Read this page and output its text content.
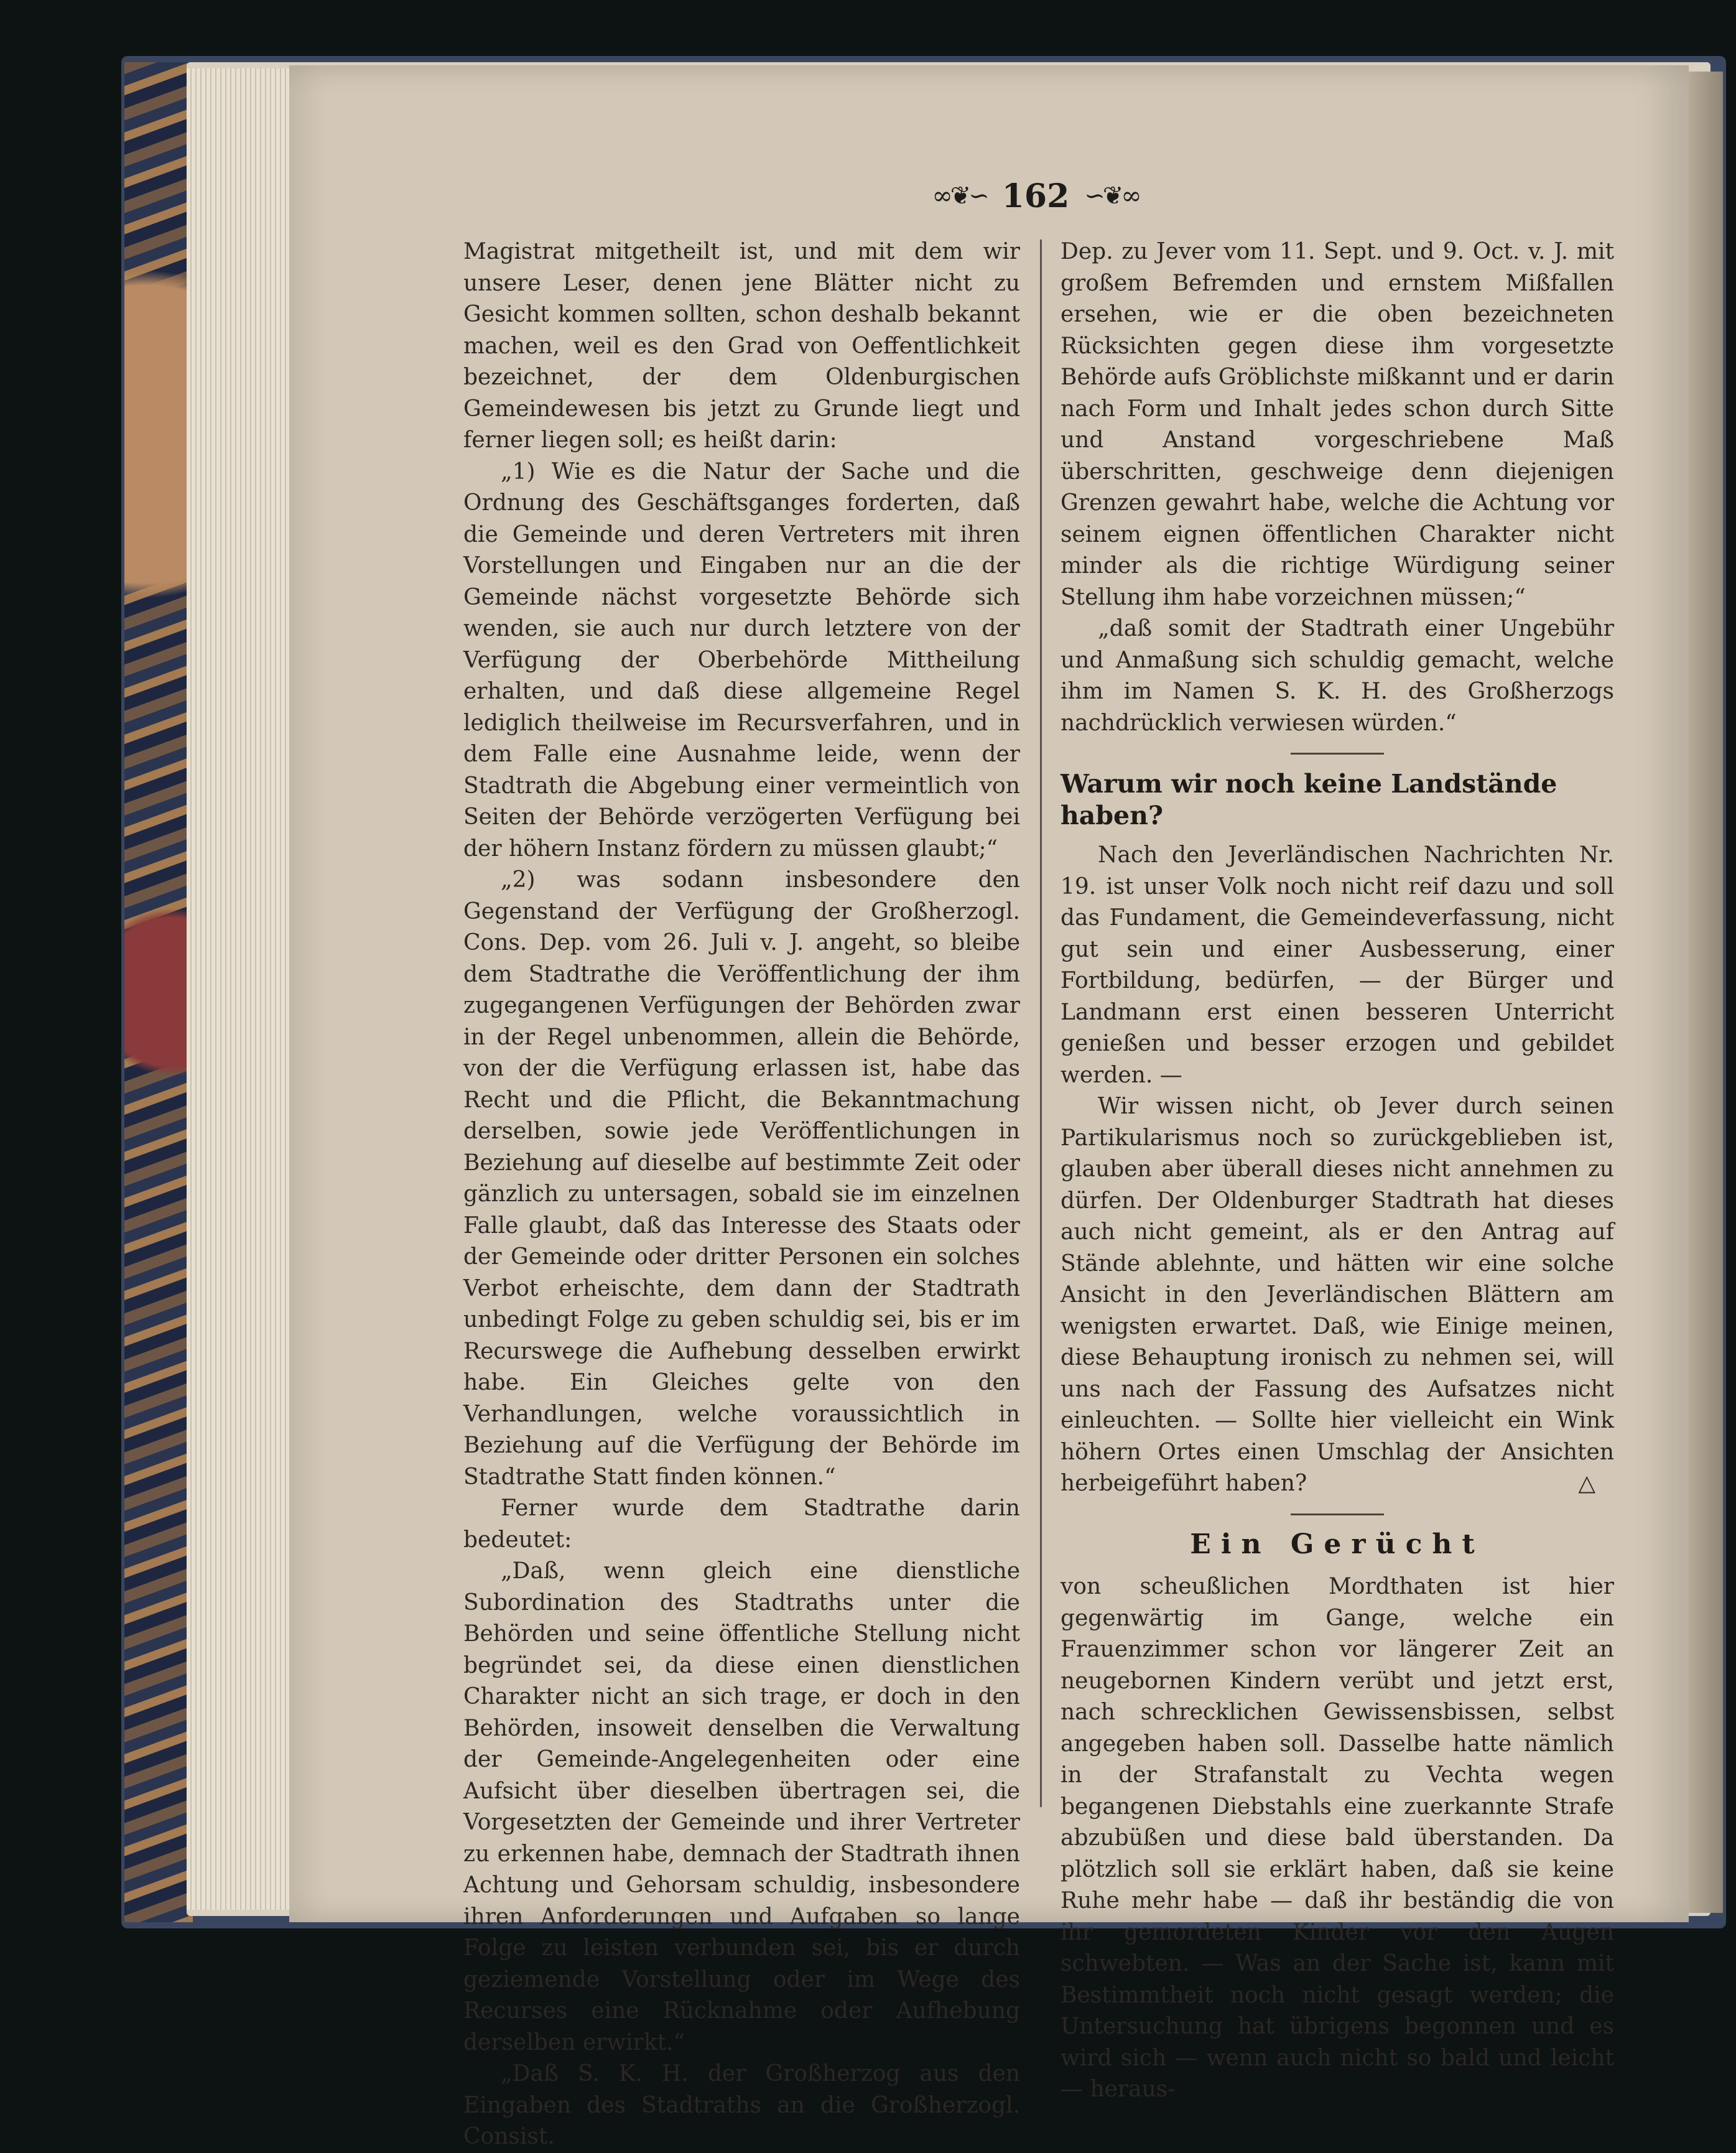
∞❦∽ 162 ∽❦∞

Magistrat mitgetheilt ist, und mit dem wir unsere Leser, denen jene Blätter nicht zu Gesicht kommen sollten, schon deshalb bekannt machen, weil es den Grad von Oeffentlichkeit bezeichnet, der dem Oldenburgischen Gemeindewesen bis jetzt zu Grunde liegt und ferner liegen soll; es heißt darin:

„1) Wie es die Natur der Sache und die Ordnung des Geschäftsganges forderten, daß die Gemeinde und deren Vertreters mit ihren Vorstellungen und Eingaben nur an die der Gemeinde nächst vorgesetzte Behörde sich wenden, sie auch nur durch letztere von der Verfügung der Oberbehörde Mittheilung erhalten, und daß diese allgemeine Regel lediglich theilweise im Recursverfahren, und in dem Falle eine Ausnahme leide, wenn der Stadtrath die Abgebung einer vermeintlich von Seiten der Behörde verzögerten Verfügung bei der höhern Instanz fördern zu müssen glaubt;“

„2) was sodann insbesondere den Gegenstand der Verfügung der Großherzogl. Cons. Dep. vom 26. Juli v. J. angeht, so bleibe dem Stadtrathe die Veröffentlichung der ihm zugegangenen Verfügungen der Behörden zwar in der Regel unbenommen, allein die Behörde, von der die Verfügung erlassen ist, habe das Recht und die Pflicht, die Bekanntmachung derselben, sowie jede Veröffentlichungen in Beziehung auf dieselbe auf bestimmte Zeit oder gänzlich zu untersagen, sobald sie im einzelnen Falle glaubt, daß das Interesse des Staats oder der Gemeinde oder dritter Personen ein solches Verbot erheischte, dem dann der Stadtrath unbedingt Folge zu geben schuldig sei, bis er im Recurswege die Aufhebung desselben erwirkt habe. Ein Gleiches gelte von den Verhandlungen, welche voraussichtlich in Beziehung auf die Verfügung der Behörde im Stadtrathe Statt finden können.“

Ferner wurde dem Stadtrathe darin bedeutet:

„Daß, wenn gleich eine dienstliche Subordination des Stadtraths unter die Behörden und seine öffentliche Stellung nicht begründet sei, da diese einen dienstlichen Charakter nicht an sich trage, er doch in den Behörden, insoweit denselben die Verwaltung der Gemeinde-Angelegenheiten oder eine Aufsicht über dieselben übertragen sei, die Vorgesetzten der Gemeinde und ihrer Vertreter zu erkennen habe, demnach der Stadtrath ihnen Achtung und Gehorsam schuldig, insbesondere ihren Anforderungen und Aufgaben so lange Folge zu leisten verbunden sei, bis er durch geziemende Vorstellung oder im Wege des Recurses eine Rücknahme oder Aufhebung derselben erwirkt.“

„Daß S. K. H. der Großherzog aus den Eingaben des Stadtraths an die Großherzogl. Consist.

Dep. zu Jever vom 11. Sept. und 9. Oct. v. J. mit großem Befremden und ernstem Mißfallen ersehen, wie er die oben bezeichneten Rücksichten gegen diese ihm vorgesetzte Behörde aufs Gröblichste mißkannt und er darin nach Form und Inhalt jedes schon durch Sitte und Anstand vorgeschriebene Maß überschritten, geschweige denn diejenigen Grenzen gewahrt habe, welche die Achtung vor seinem eignen öffentlichen Charakter nicht minder als die richtige Würdigung seiner Stellung ihm habe vorzeichnen müssen;“

„daß somit der Stadtrath einer Ungebühr und Anmaßung sich schuldig gemacht, welche ihm im Namen S. K. H. des Großherzogs nachdrücklich verwiesen würden.“

Warum wir noch keine Landstände haben?

Nach den Jeverländischen Nachrichten Nr. 19. ist unser Volk noch nicht reif dazu und soll das Fundament, die Gemeindeverfassung, nicht gut sein und einer Ausbesserung, einer Fortbildung, bedürfen, — der Bürger und Landmann erst einen besseren Unterricht genießen und besser erzogen und gebildet werden. —

Wir wissen nicht, ob Jever durch seinen Partikularismus noch so zurückgeblieben ist, glauben aber überall dieses nicht annehmen zu dürfen. Der Oldenburger Stadtrath hat dieses auch nicht gemeint, als er den Antrag auf Stände ablehnte, und hätten wir eine solche Ansicht in den Jeverländischen Blättern am wenigsten erwartet. Daß, wie Einige meinen, diese Behauptung ironisch zu nehmen sei, will uns nach der Fassung des Aufsatzes nicht einleuchten. — Sollte hier vielleicht ein Wink höhern Ortes einen Umschlag der Ansichten herbeigeführt haben?	△

Ein Gerücht

von scheußlichen Mordthaten ist hier gegenwärtig im Gange, welche ein Frauenzimmer schon vor längerer Zeit an neugebornen Kindern verübt und jetzt erst, nach schrecklichen Gewissensbissen, selbst angegeben haben soll. Dasselbe hatte nämlich in der Strafanstalt zu Vechta wegen begangenen Diebstahls eine zuerkannte Strafe abzubüßen und diese bald überstanden. Da plötzlich soll sie erklärt haben, daß sie keine Ruhe mehr habe — daß ihr beständig die von ihr gemordeten Kinder vor den Augen schwebten. — Was an der Sache ist, kann mit Bestimmtheit noch nicht gesagt werden; die Untersuchung hat übrigens begonnen und es wird sich — wenn auch nicht so bald und leicht — heraus-
